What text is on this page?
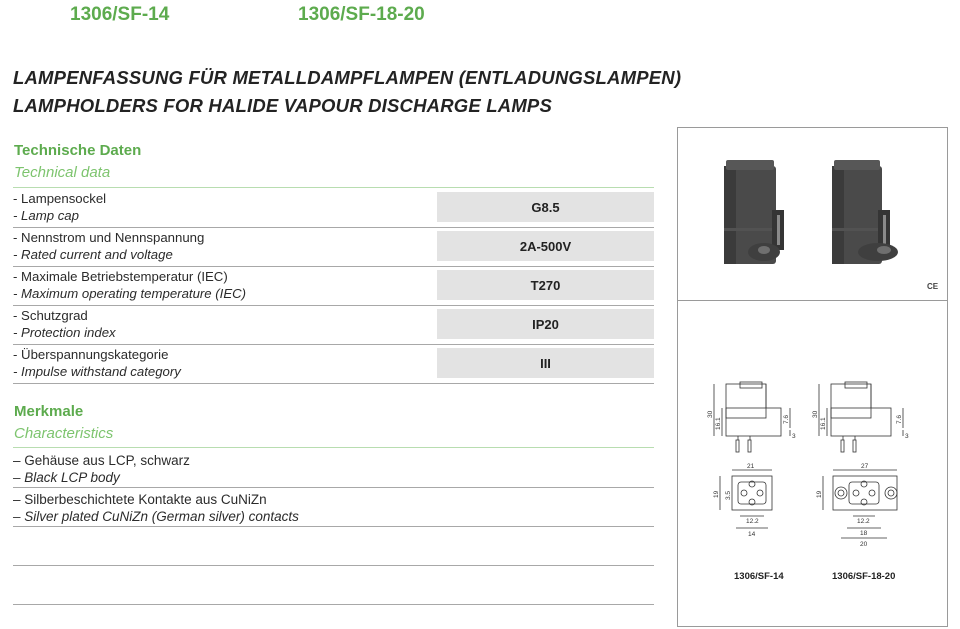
1306/SF-14	1306/SF-18-20
LAMPENFASSUNG FÜR METALLDAMPFLAMPEN (ENTLADUNGSLAMPEN)
LAMPHOLDERS FOR HALIDE VAPOUR DISCHARGE LAMPS
Technische Daten
Technical data
- Lampensockel
- Lamp cap
G8.5
- Nennstrom und Nennspannung
- Rated current and voltage
2A-500V
- Maximale Betriebstemperatur (IEC)
- Maximum operating temperature (IEC)
T270
- Schutzgrad
- Protection index
IP20
- Überspannungskategorie
- Impulse withstand category
III
Merkmale
Characteristics
– Gehäuse aus LCP, schwarz
– Black LCP body
– Silberbeschichtete Kontakte aus CuNiZn
– Silver plated CuNiZn (German silver) contacts
CE
30
16.1	7.6
3
21
19 3.5
12.2
14
1306/SF-14
30
16.1	7.6
3
27
19
12.2
18
20
1306/SF-18-20
